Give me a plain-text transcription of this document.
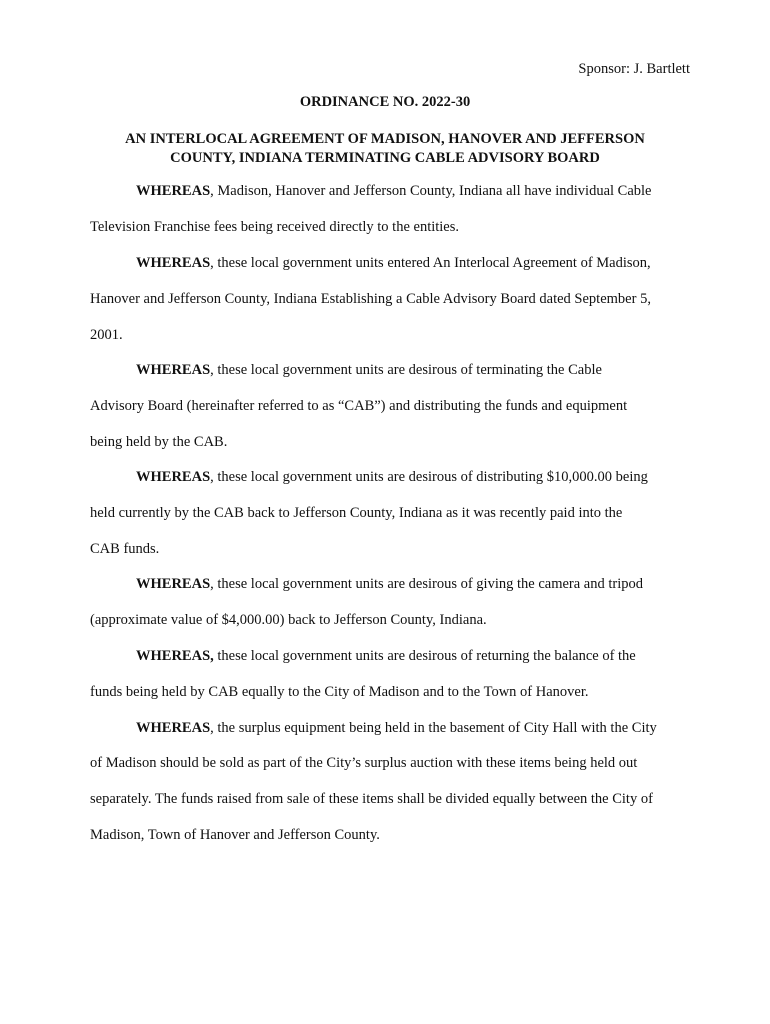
Sponsor: J. Bartlett
ORDINANCE NO. 2022-30
AN INTERLOCAL AGREEMENT OF MADISON, HANOVER AND JEFFERSON
COUNTY, INDIANA TERMINATING CABLE ADVISORY BOARD
WHEREAS, Madison, Hanover and Jefferson County, Indiana all have individual Cable
Television Franchise fees being received directly to the entities.
WHEREAS, these local government units entered An Interlocal Agreement of Madison,
Hanover and Jefferson County, Indiana Establishing a Cable Advisory Board dated September 5,
2001.
WHEREAS, these local government units are desirous of terminating the Cable
Advisory Board (hereinafter referred to as “CAB”) and distributing the funds and equipment
being held by the CAB.
WHEREAS, these local government units are desirous of distributing $10,000.00 being
held currently by the CAB back to Jefferson County, Indiana as it was recently paid into the
CAB funds.
WHEREAS, these local government units are desirous of giving the camera and tripod
(approximate value of $4,000.00) back to Jefferson County, Indiana.
WHEREAS, these local government units are desirous of returning the balance of the
funds being held by CAB equally to the City of Madison and to the Town of Hanover.
WHEREAS, the surplus equipment being held in the basement of City Hall with the City
of Madison should be sold as part of the City’s surplus auction with these items being held out
separately. The funds raised from sale of these items shall be divided equally between the City of
Madison, Town of Hanover and Jefferson County.
